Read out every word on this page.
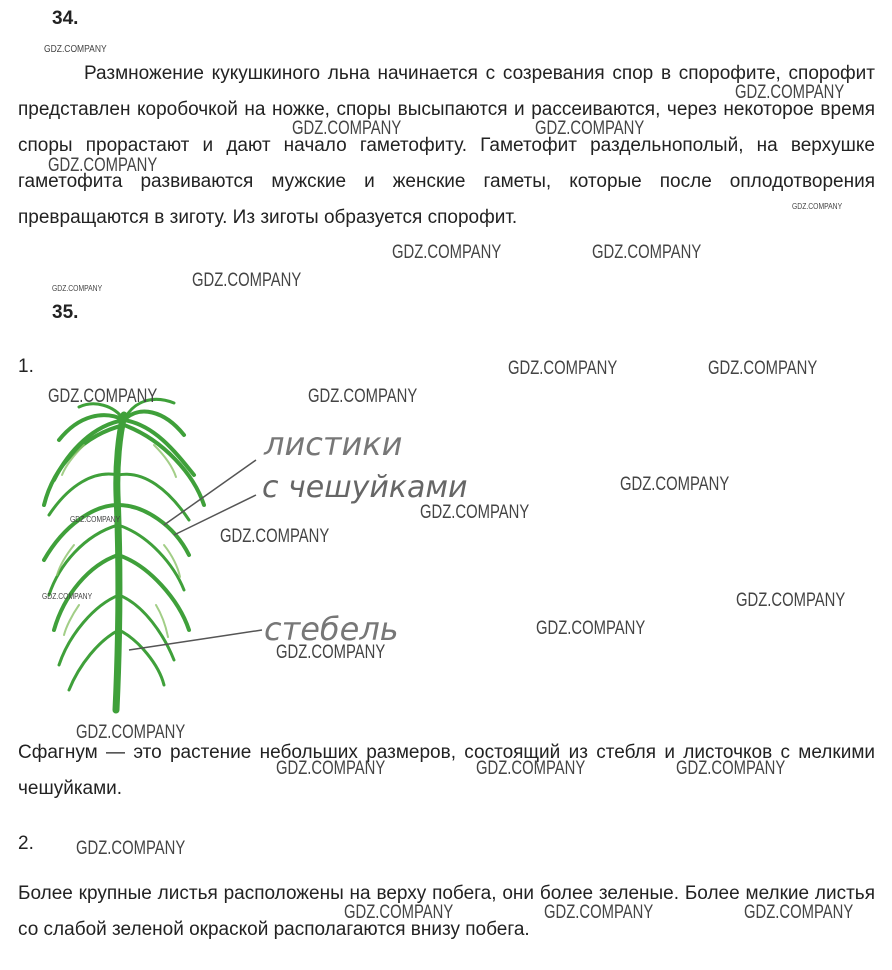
34.
Размножение кукушкиного льна начинается с созревания спор в спорофите, спорофит представлен коробочкой на ножке, споры высыпаются и рассеиваются, через некоторое время споры прорастают и дают начало гаметофиту. Гаметофит раздельнополый, на верхушке гаметофита развиваются мужские и женские гаметы, которые после оплодотворения превращаются в зиготу. Из зиготы образуется спорофит.
35.
1.
листики
с чешуйками
стебель
Сфагнум — это растение небольших размеров, состоящий из стебля и листочков с мелкими чешуйками.
2.
Более крупные листья расположены на верху побега, они более зеленые. Более мелкие листья со слабой зеленой окраской располагаются внизу побега.
GDZ.COMPANY
GDZ.COMPANY
GDZ.COMPANY	GDZ.COMPANY
GDZ.COMPANY
GDZ.COMPANY
GDZ.COMPANY	GDZ.COMPANY
GDZ.COMPANY
GDZ.COMPANY
GDZ.COMPANY	GDZ.COMPANY
GDZ.COMPANY	GDZ.COMPANY
GDZ.COMPANY
GDZ.COMPANY
GDZ.COMPANY
GDZ.COMPANY
GDZ.COMPANY	GDZ.COMPANY
GDZ.COMPANY
GDZ.COMPANY
GDZ.COMPANY
GDZ.COMPANY	GDZ.COMPANY	GDZ.COMPANY
GDZ.COMPANY
GDZ.COMPANY	GDZ.COMPANY	GDZ.COMPANY
